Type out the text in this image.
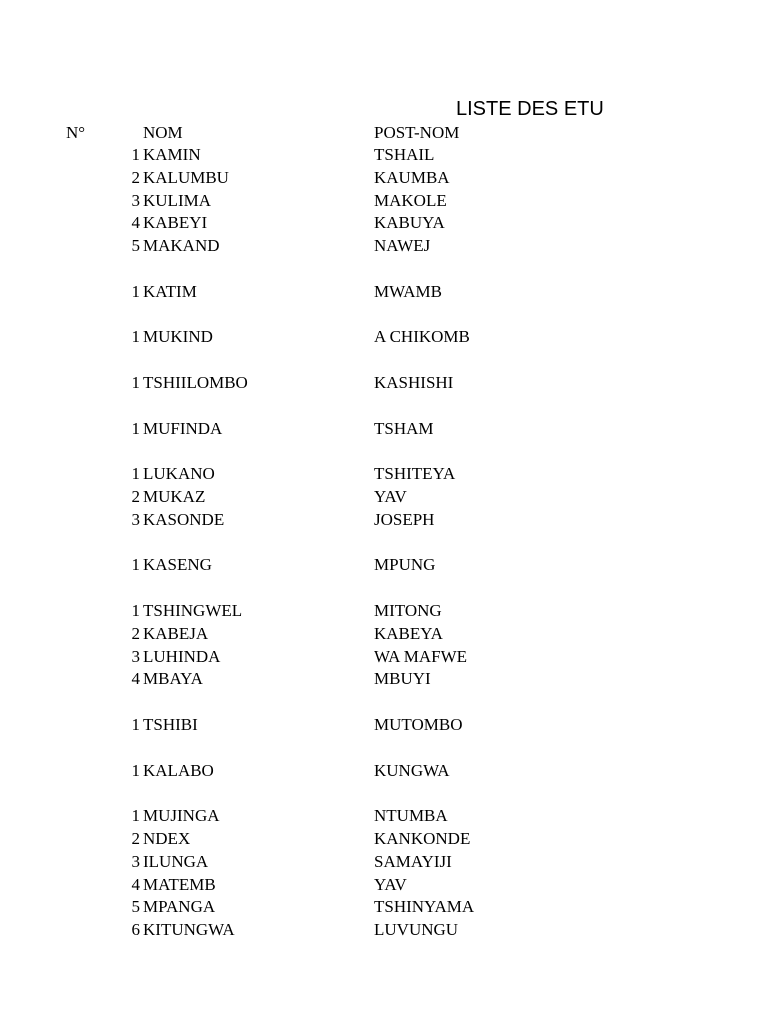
LISTE DES ETU
N°	NOM	POST-NOM
1 KAMIN	TSHAIL
2 KALUMBU	KAUMBA
3 KULIMA	MAKOLE
4 KABEYI	KABUYA
5 MAKAND	NAWEJ
1 KATIM	MWAMB
1 MUKIND	A CHIKOMB
1 TSHIILOMBO	KASHISHI
1 MUFINDA	TSHAM
1 LUKANO	TSHITEYA
2 MUKAZ	YAV
3 KASONDE	JOSEPH
1 KASENG	MPUNG
1 TSHINGWEL	MITONG
2 KABEJA	KABEYA
3 LUHINDA	WA MAFWE
4 MBAYA	MBUYI
1 TSHIBI	MUTOMBO
1 KALABO	KUNGWA
1 MUJINGA	NTUMBA
2 NDEX	KANKONDE
3 ILUNGA	SAMAYIJI
4 MATEMB	YAV
5 MPANGA	TSHINYAMA
6 KITUNGWA	LUVUNGU
